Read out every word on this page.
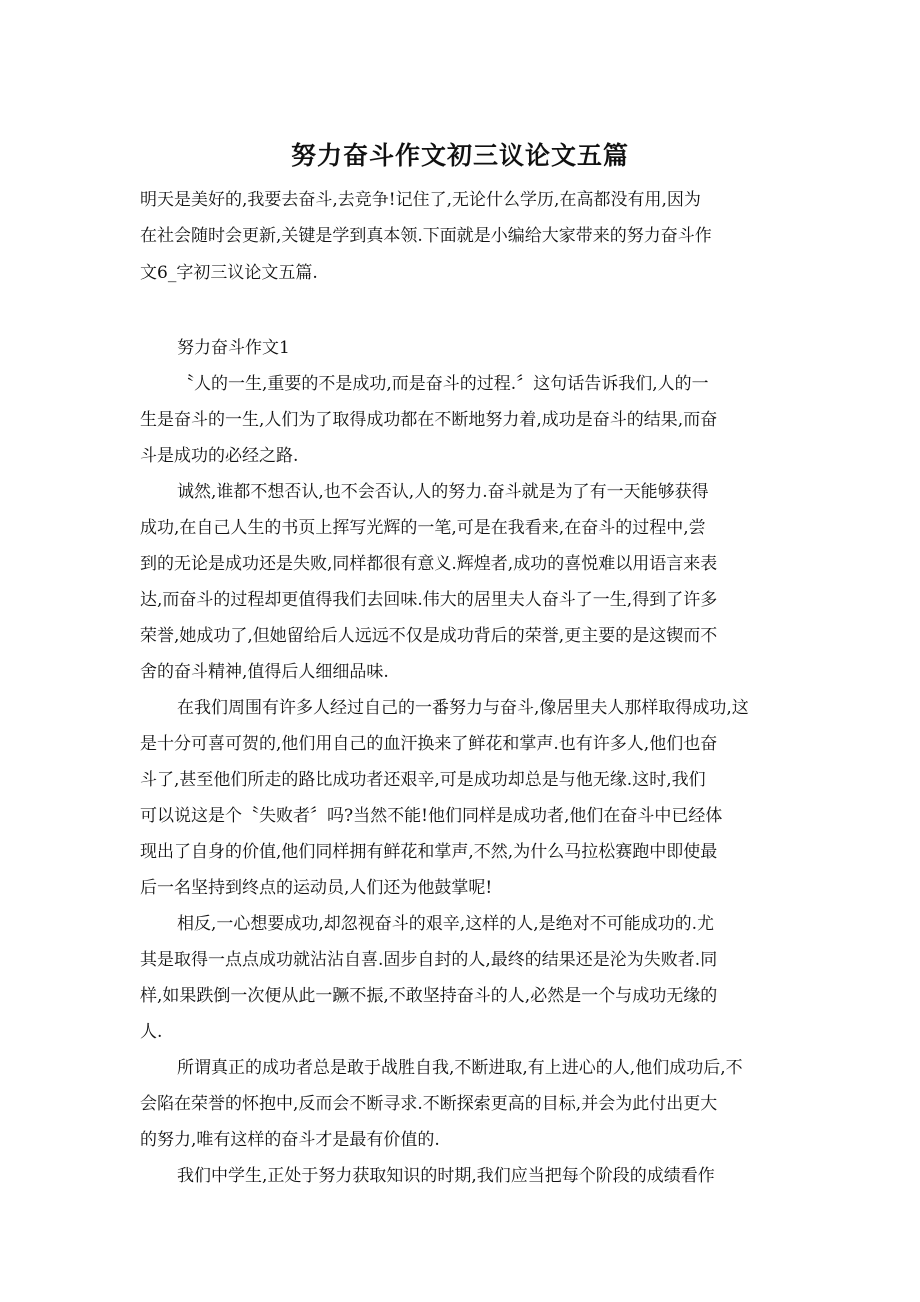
努力奋斗作文初三议论文五篇
明天是美好的,我要去奋斗,去竞争!记住了,无论什么学历,在高都没有用,因为
在社会随时会更新,关键是学到真本领.下面就是小编给大家带来的努力奋斗作
文6_字初三议论文五篇.
努力奋斗作文1
〝人的一生,重要的不是成功,而是奋斗的过程.〞这句话告诉我们,人的一
生是奋斗的一生,人们为了取得成功都在不断地努力着,成功是奋斗的结果,而奋
斗是成功的必经之路.
诚然,谁都不想否认,也不会否认,人的努力.奋斗就是为了有一天能够获得
成功,在自己人生的书页上挥写光辉的一笔,可是在我看来,在奋斗的过程中,尝
到的无论是成功还是失败,同样都很有意义.辉煌者,成功的喜悦难以用语言来表
达,而奋斗的过程却更值得我们去回味.伟大的居里夫人奋斗了一生,得到了许多
荣誉,她成功了,但她留给后人远远不仅是成功背后的荣誉,更主要的是这锲而不
舍的奋斗精神,值得后人细细品味.
在我们周围有许多人经过自己的一番努力与奋斗,像居里夫人那样取得成功,这
是十分可喜可贺的,他们用自己的血汗换来了鲜花和掌声.也有许多人,他们也奋
斗了,甚至他们所走的路比成功者还艰辛,可是成功却总是与他无缘.这时,我们
可以说这是个〝失败者〞吗?当然不能!他们同样是成功者,他们在奋斗中已经体
现出了自身的价值,他们同样拥有鲜花和掌声,不然,为什么马拉松赛跑中即使最
后一名坚持到终点的运动员,人们还为他鼓掌呢!
相反,一心想要成功,却忽视奋斗的艰辛,这样的人,是绝对不可能成功的.尤
其是取得一点点成功就沾沾自喜.固步自封的人,最终的结果还是沦为失败者.同
样,如果跌倒一次便从此一蹶不振,不敢坚持奋斗的人,必然是一个与成功无缘的
人.
所谓真正的成功者总是敢于战胜自我,不断进取,有上进心的人,他们成功后,不
会陷在荣誉的怀抱中,反而会不断寻求.不断探索更高的目标,并会为此付出更大
的努力,唯有这样的奋斗才是最有价值的.
我们中学生,正处于努力获取知识的时期,我们应当把每个阶段的成绩看作
